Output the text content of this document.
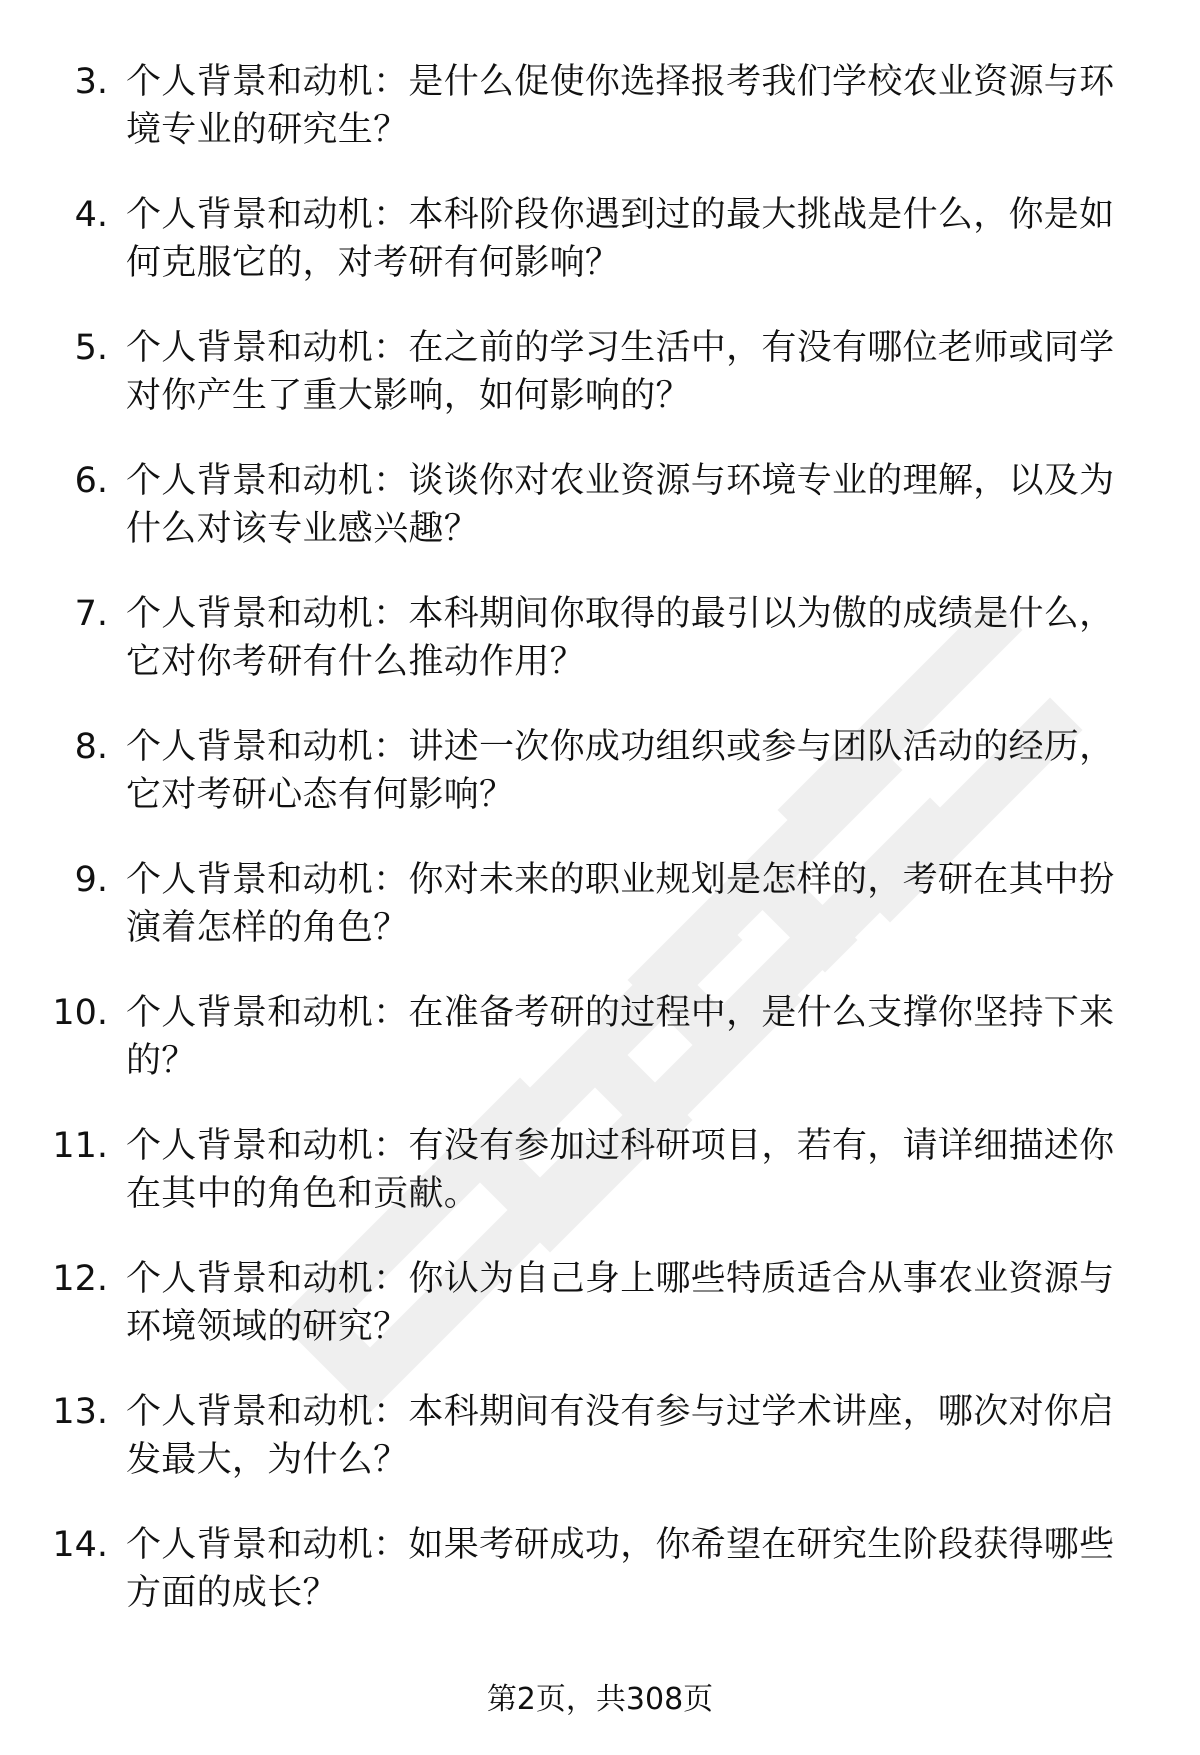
3. 个人背景和动机：是什么促使你选择报考我们学校农业资源与环境专业的研究生？
4. 个人背景和动机：本科阶段你遇到过的最大挑战是什么，你是如何克服它的，对考研有何影响？
5. 个人背景和动机：在之前的学习生活中，有没有哪位老师或同学对你产生了重大影响，如何影响的？
6. 个人背景和动机：谈谈你对农业资源与环境专业的理解，以及为什么对该专业感兴趣？
7. 个人背景和动机：本科期间你取得的最引以为傲的成绩是什么，它对你考研有什么推动作用？
8. 个人背景和动机：讲述一次你成功组织或参与团队活动的经历，它对考研心态有何影响？
9. 个人背景和动机：你对未来的职业规划是怎样的，考研在其中扮演着怎样的角色？
10. 个人背景和动机：在准备考研的过程中，是什么支撑你坚持下来的？
11. 个人背景和动机：有没有参加过科研项目，若有，请详细描述你在其中的角色和贡献。
12. 个人背景和动机：你认为自己身上哪些特质适合从事农业资源与环境领域的研究？
13. 个人背景和动机：本科期间有没有参与过学术讲座，哪次对你启发最大，为什么？
14. 个人背景和动机：如果考研成功，你希望在研究生阶段获得哪些方面的成长？
第2页，共308页
